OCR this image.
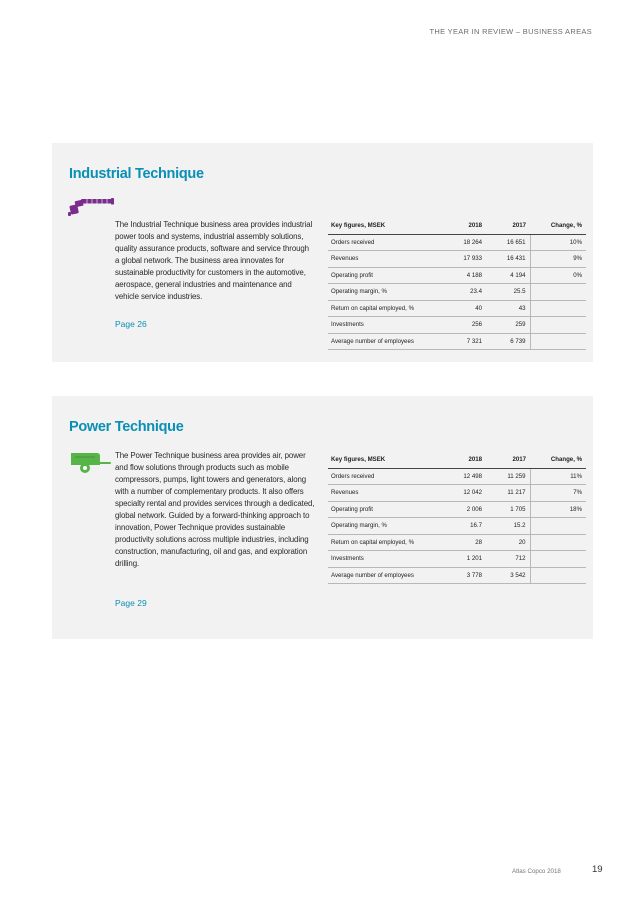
THE YEAR IN REVIEW – BUSINESS AREAS
Industrial Technique
The Industrial Technique business area provides industrial power tools and systems, industrial assembly solutions, quality assurance products, software and service through a global network. The business area innovates for sustainable productivity for customers in the automotive, aerospace, general industries and maintenance and vehicle service industries.
Page 26
Key figures, MSEK	2018	2017	Change, %
Orders received	18 264	16 651	10%
Revenues	17 933	16 431	9%
Operating profit	4 188	4 194	0%
Operating margin, %	23.4	25.5	
Return on capital employed, %	40	43	
Investments	256	259	
Average number of employees	7 321	6 739	
Power Technique
The Power Technique business area provides air, power and flow solutions through products such as mobile compressors, pumps, light towers and generators, along with a number of complementary products. It also offers specialty rental and provides services through a dedicated, global network. Guided by a forward-thinking approach to innovation, Power Technique provides sustainable productivity solutions across multiple industries, including construction, manufacturing, oil and gas, and exploration drilling.
Page 29
Key figures, MSEK	2018	2017	Change, %
Orders received	12 498	11 259	11%
Revenues	12 042	11 217	7%
Operating profit	2 006	1 705	18%
Operating margin, %	16.7	15.2	
Return on capital employed, %	28	20	
Investments	1 201	712	
Average number of employees	3 778	3 542	
Atlas Copco 2018	19
